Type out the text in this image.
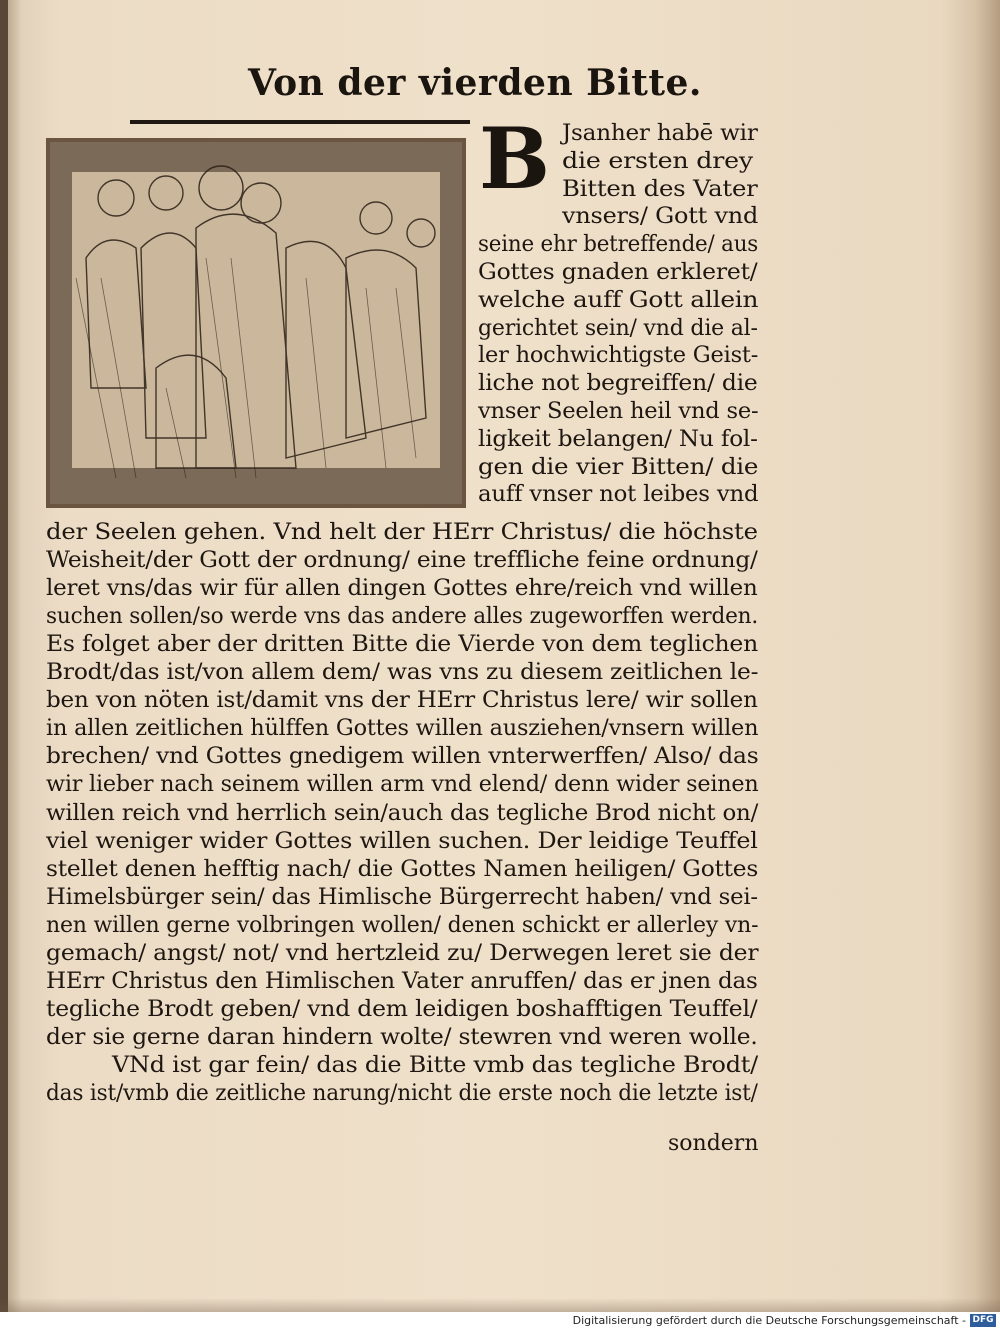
Von der vierden Bitte.
B Jsanher habē wir
die ersten drey
Bitten des Vater
vnsers/ Gott vnd
seine ehr betreffende/ aus
Gottes gnaden erkleret/
welche auff Gott allein
gerichtet sein/ vnd die al-
ler hochwichtigste Geist-
liche not begreiffen/ die
vnser Seelen heil vnd se-
ligkeit belangen/ Nu fol-
gen die vier Bitten/ die
auff vnser not leibes vnd
der Seelen gehen. Vnd helt der HErr Christus/ die höchste
Weisheit/der Gott der ordnung/ eine treffliche feine ordnung/
leret vns/das wir für allen dingen Gottes ehre/reich vnd willen
suchen sollen/so werde vns das andere alles zugeworffen werden.
Es folget aber der dritten Bitte die Vierde von dem teglichen
Brodt/das ist/von allem dem/ was vns zu diesem zeitlichen le-
ben von nöten ist/damit vns der HErr Christus lere/ wir sollen
in allen zeitlichen hülffen Gottes willen ausziehen/vnsern willen
brechen/ vnd Gottes gnedigem willen vnterwerffen/ Also/ das
wir lieber nach seinem willen arm vnd elend/ denn wider seinen
willen reich vnd herrlich sein/auch das tegliche Brod nicht on/
viel weniger wider Gottes willen suchen. Der leidige Teuffel
stellet denen hefftig nach/ die Gottes Namen heiligen/ Gottes
Himelsbürger sein/ das Himlische Bürgerrecht haben/ vnd sei-
nen willen gerne volbringen wollen/ denen schickt er allerley vn-
gemach/ angst/ not/ vnd hertzleid zu/ Derwegen leret sie der
HErr Christus den Himlischen Vater anruffen/ das er jnen das
tegliche Brodt geben/ vnd dem leidigen boshafftigen Teuffel/
der sie gerne daran hindern wolte/ stewren vnd weren wolle.
VNd ist gar fein/ das die Bitte vmb das tegliche Brodt/
das ist/vmb die zeitliche narung/nicht die erste noch die letzte ist/
sondern
Digitalisierung gefördert durch die Deutsche Forschungsgemeinschaft - DFG
